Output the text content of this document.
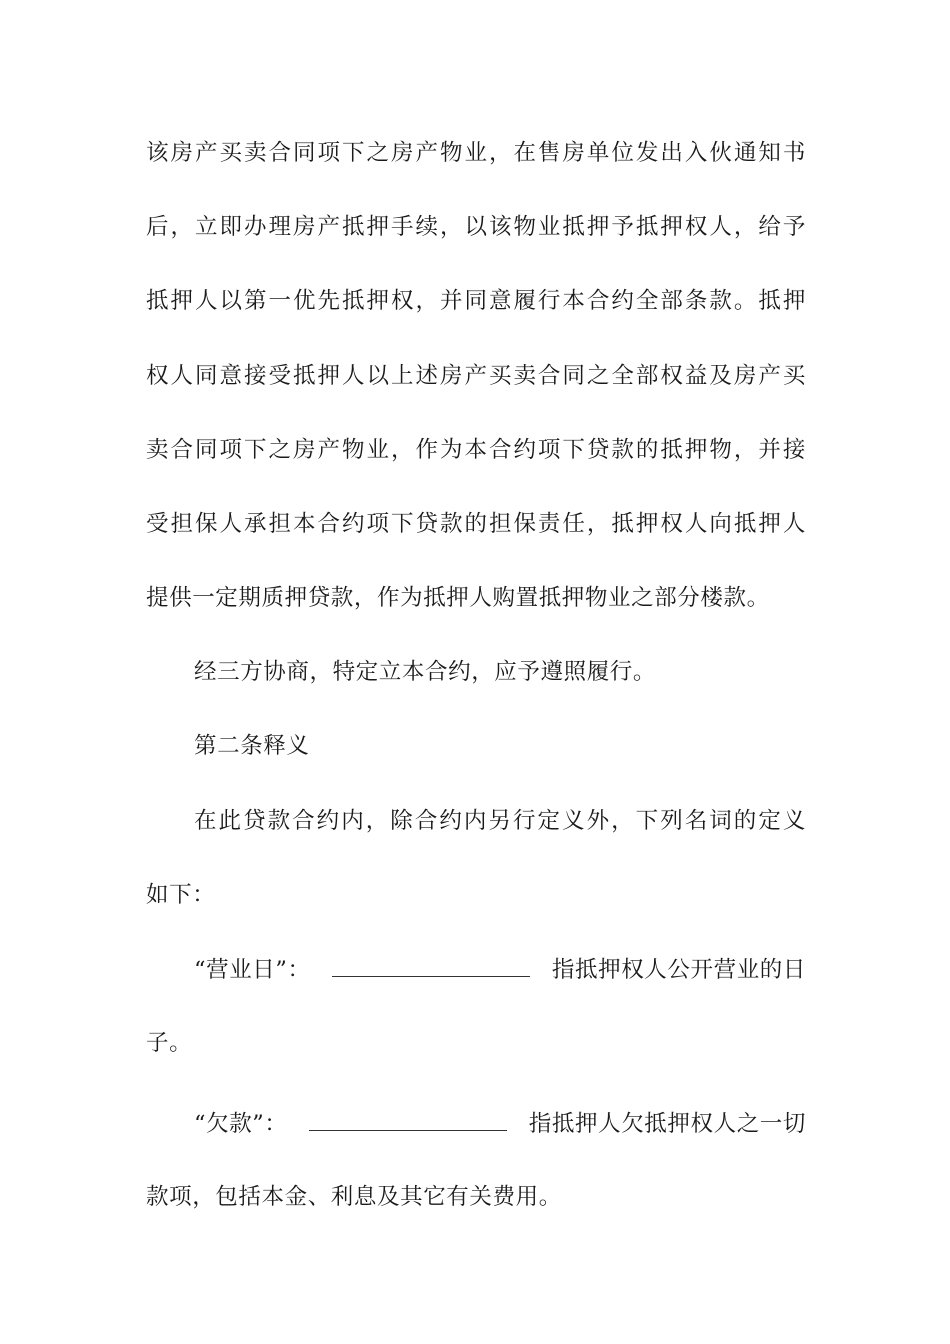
该房产买卖合同项下之房产物业，在售房单位发出入伙通知书
后，立即办理房产抵押手续，以该物业抵押予抵押权人，给予
抵押人以第一优先抵押权，并同意履行本合约全部条款。抵押
权人同意接受抵押人以上述房产买卖合同之全部权益及房产买
卖合同项下之房产物业，作为本合约项下贷款的抵押物，并接
受担保人承担本合约项下贷款的担保责任，抵押权人向抵押人
提供一定期质押贷款，作为抵押人购置抵押物业之部分楼款。
经三方协商，特定立本合约，应予遵照履行。
第二条释义
在此贷款合约内，除合约内另行定义外，下列名词的定义
如下：
“营业日”：	指抵押权人公开营业的日
子。
“欠款”：	指抵押人欠抵押权人之一切
款项，包括本金、利息及其它有关费用。
